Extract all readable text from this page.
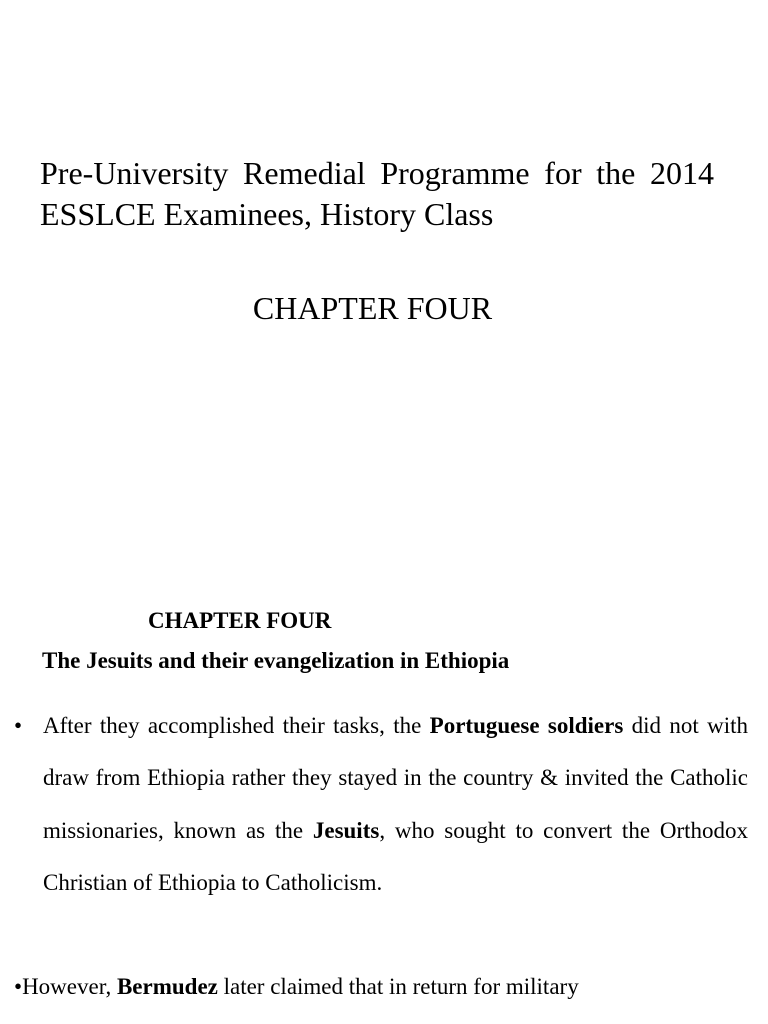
Pre-University Remedial Programme for the 2014 ESSLCE Examinees, History Class
CHAPTER FOUR
CHAPTER FOUR
The Jesuits and their evangelization in Ethiopia
• After they accomplished their tasks, the Portuguese soldiers did not with draw from Ethiopia rather they stayed in the country & invited the Catholic missionaries, known as the Jesuits, who sought to convert the Orthodox Christian of Ethiopia to Catholicism.
•However, Bermudez later claimed that in return for military
